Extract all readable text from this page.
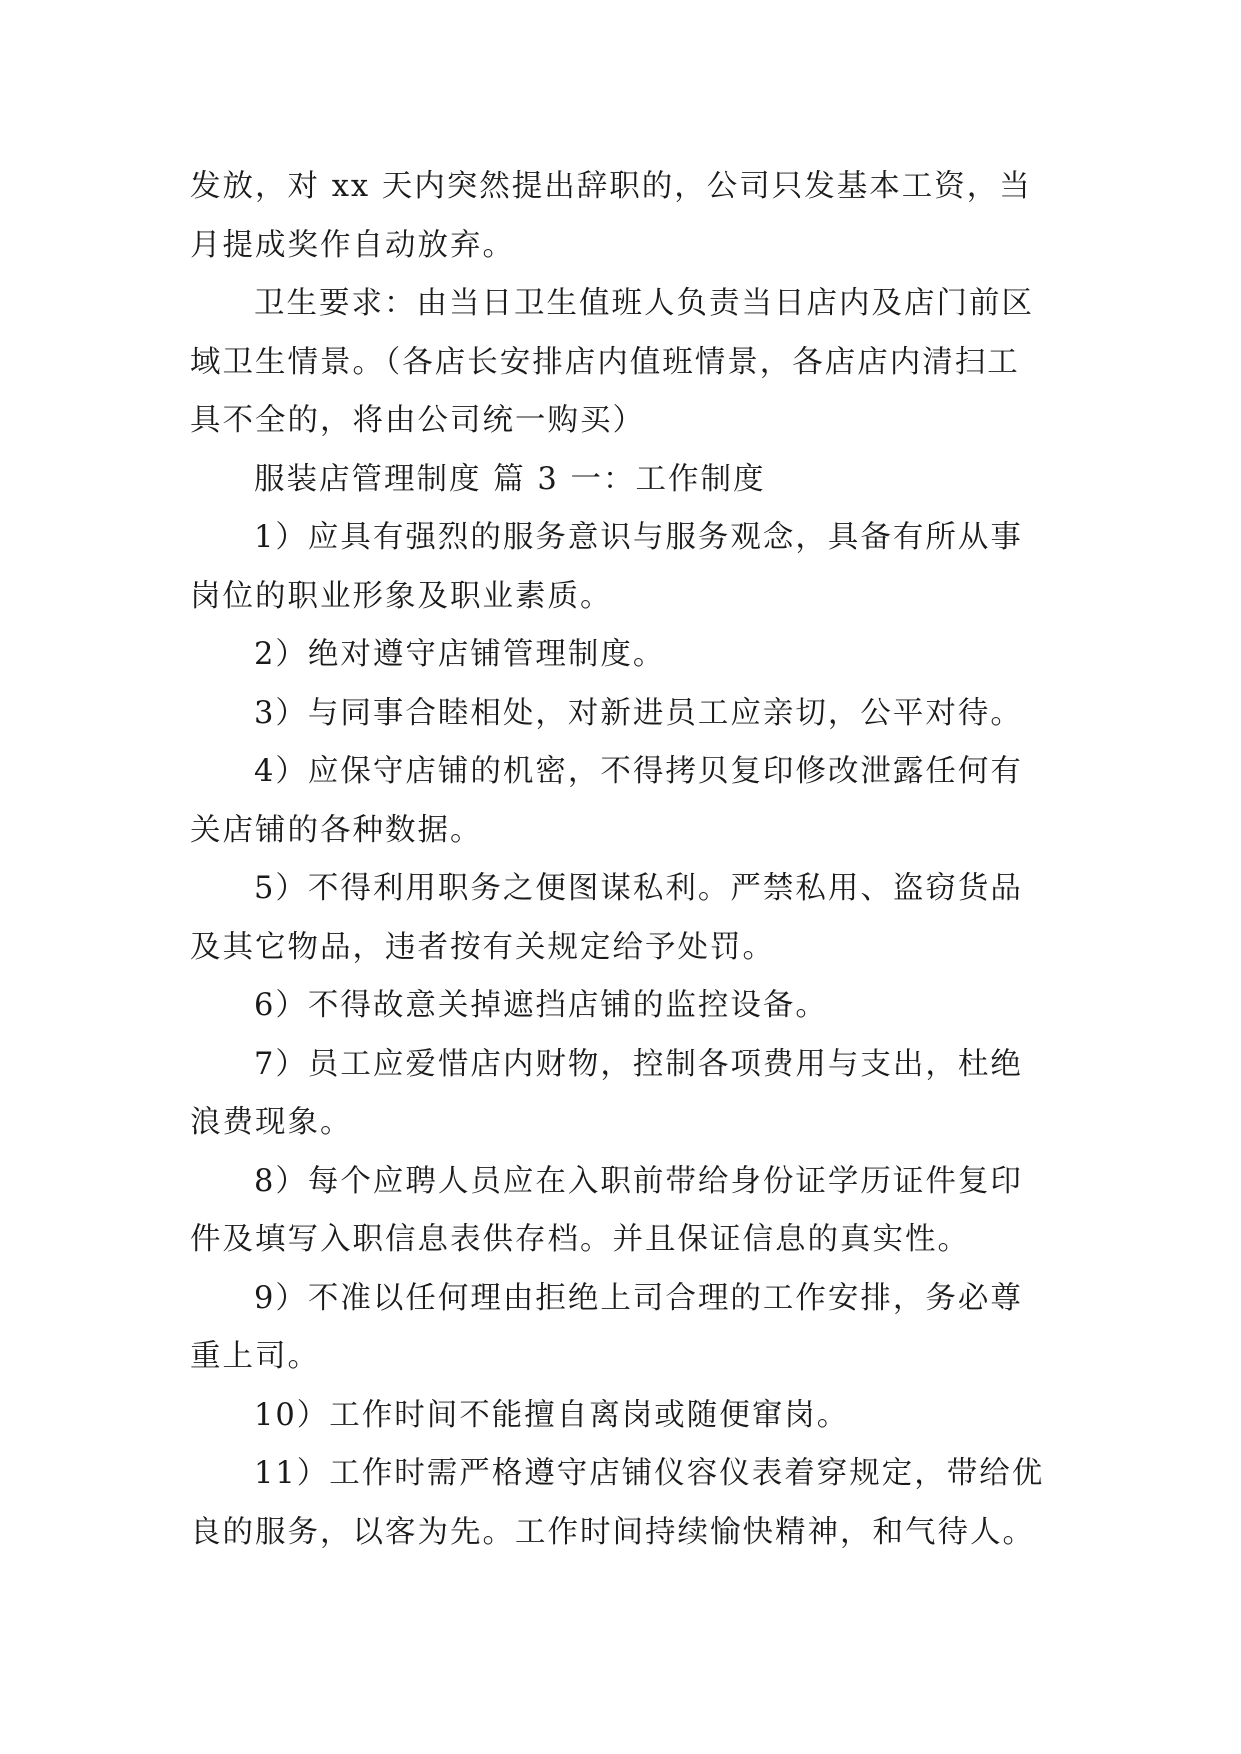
发放，对 xx 天内突然提出辞职的，公司只发基本工资，当
月提成奖作自动放弃。
卫生要求：由当日卫生值班人负责当日店内及店门前区
域卫生情景。（各店长安排店内值班情景，各店店内清扫工
具不全的，将由公司统一购买）
服装店管理制度 篇 3 一：工作制度
1）应具有强烈的服务意识与服务观念，具备有所从事
岗位的职业形象及职业素质。
2）绝对遵守店铺管理制度。
3）与同事合睦相处，对新进员工应亲切，公平对待。
4）应保守店铺的机密，不得拷贝复印修改泄露任何有
关店铺的各种数据。
5）不得利用职务之便图谋私利。严禁私用、盗窃货品
及其它物品，违者按有关规定给予处罚。
6）不得故意关掉遮挡店铺的监控设备。
7）员工应爱惜店内财物，控制各项费用与支出，杜绝
浪费现象。
8）每个应聘人员应在入职前带给身份证学历证件复印
件及填写入职信息表供存档。并且保证信息的真实性。
9）不准以任何理由拒绝上司合理的工作安排，务必尊
重上司。
10）工作时间不能擅自离岗或随便窜岗。
11）工作时需严格遵守店铺仪容仪表着穿规定，带给优
良的服务，以客为先。工作时间持续愉快精神，和气待人。
